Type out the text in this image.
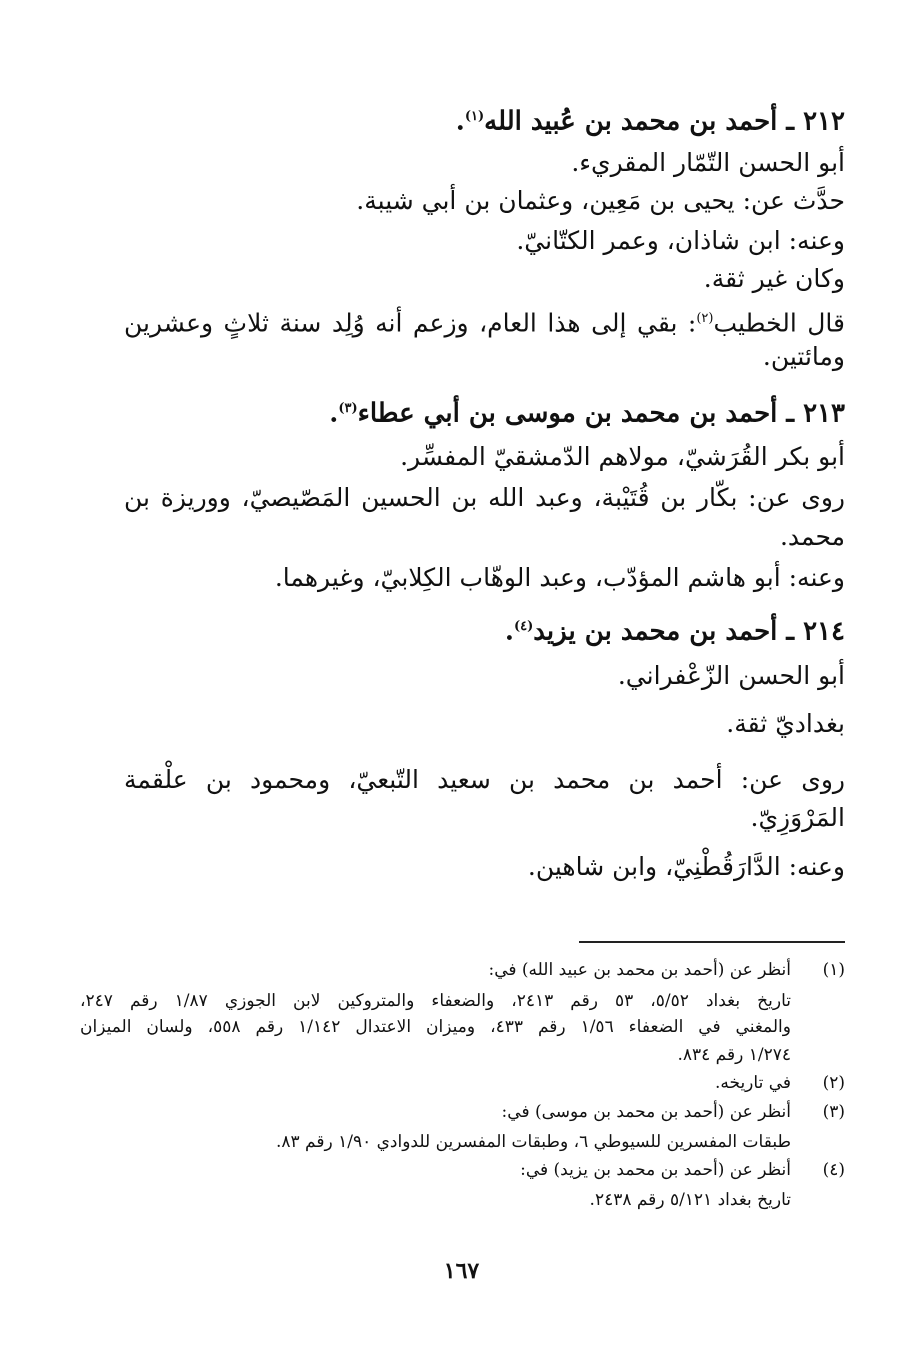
٢١٢ ـ أحمد بن محمد بن عُبيد الله$^{(١)}$.
أبو الحسن التّمّار المقريء.
حدَّث عن: يحيى بن مَعِين، وعثمان بن أبي شيبة.
وعنه: ابن شاذان، وعمر الكتّانيّ.
وكان غير ثقة.
قال الخطيب$^{(٢)}$: بقي إلى هذا العام، وزعم أنه وُلِد سنة ثلاثٍ وعشرين
ومائتين.
٢١٣ ـ أحمد بن محمد بن موسى بن أبي عطاء$^{(٣)}$.
أبو بكر القُرَشيّ، مولاهم الدّمشقيّ المفسِّر.
روى عن: بكّار بن قُتَيْبة، وعبد الله بن الحسين المَصّيصيّ، ووريزة بن
محمد.
وعنه: أبو هاشم المؤدّب، وعبد الوهّاب الكِلابيّ، وغيرهما.
٢١٤ ـ أحمد بن محمد بن يزيد$^{(٤)}$.
أبو الحسن الزّعْفراني.
بغداديّ ثقة.
روى عن: أحمد بن محمد بن سعيد التّبعيّ، ومحمود بن علْقمة
المَرْوَزِيّ.
وعنه: الدَّارَقُطْنِيّ، وابن شاهين.
(١)أنظر عن (أحمد بن محمد بن عبيد الله) في:
تاريخ بغداد ٥/٥٢، ٥٣ رقم ٢٤١٣، والضعفاء والمتروكين لابن الجوزي ١/٨٧ رقم ٢٤٧،
والمغني في الضعفاء ١/٥٦ رقم ٤٣٣، وميزان الاعتدال ١/١٤٢ رقم ٥٥٨، ولسان الميزان
١/٢٧٤ رقم ٨٣٤.
(٢)في تاريخه.
(٣)أنظر عن (أحمد بن محمد بن موسى) في:
طبقات المفسرين للسيوطي ٦، وطبقات المفسرين للدوادي ١/٩٠ رقم ٨٣.
(٤)أنظر عن (أحمد بن محمد بن يزيد) في:
تاريخ بغداد ٥/١٢١ رقم ٢٤٣٨.
١٦٧
